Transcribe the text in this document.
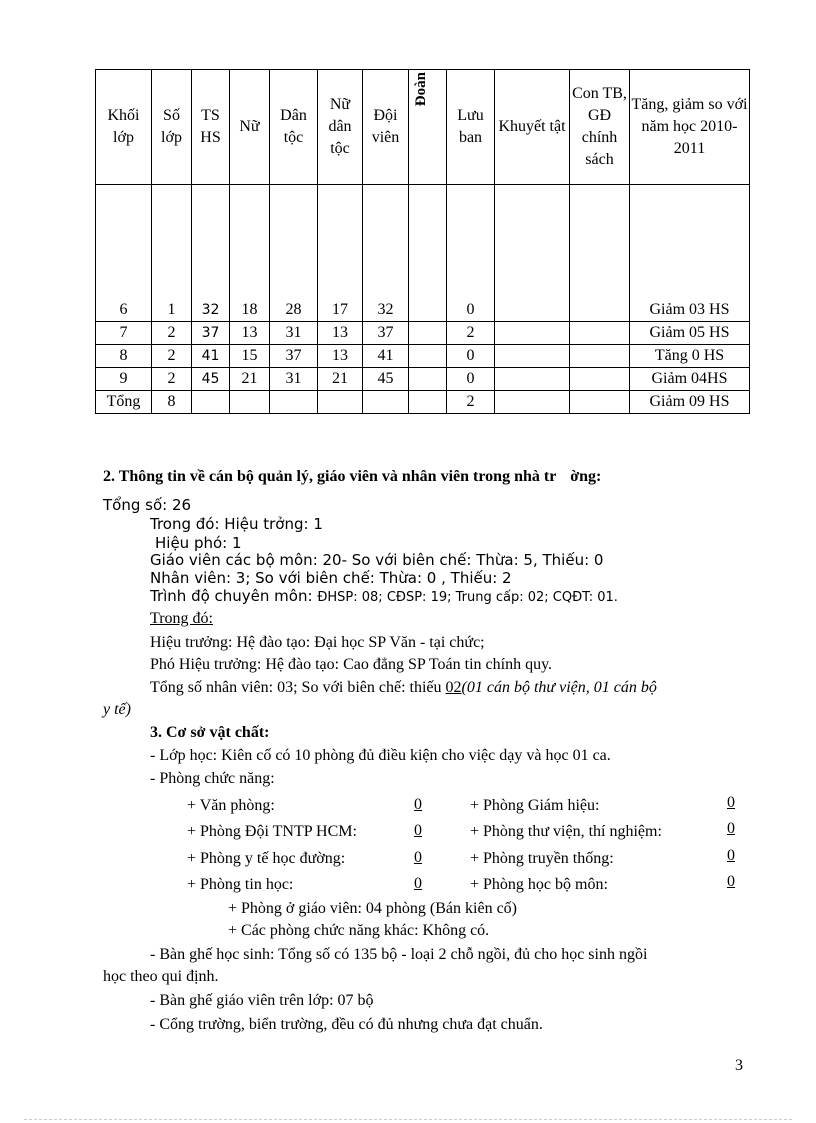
Khối lớp	Số lớp	TS HS	Nữ	Dân tộc	Nữ dân tộc	Đội viên	Đoàn	Lưu ban	Khuyết tật	Con TB, GĐ chính sách	Tăng, giảm so với năm học 2010-2011
6	1	32	18	28	17	32		0			Giảm 03 HS
7	2	37	13	31	13	37		2			Giảm 05 HS
8	2	41	15	37	13	41		0			Tăng 0 HS
9	2	45	21	31	21	45		0			Giảm 04HS
Tổng	8							2			Giảm 09 HS
2. Thông tin về cán bộ quản lý, giáo viên và nhân viên trong nhà tr ờng:
Tổng số: 26
Trong đó: Hiệu trởng: 1
Hiệu phó: 1
Giáo viên các bộ môn: 20- So với biên chế: Thừa: 5, Thiếu: 0
Nhân viên: 3; So với biên chế: Thừa: 0 , Thiếu: 2
Trình độ chuyên môn: ĐHSP: 08; CĐSP: 19; Trung cấp: 02; CQĐT: 01.
Trong đó:
Hiệu trưởng: Hệ đào tạo: Đại học SP Văn - tại chức;
Phó Hiệu trưởng: Hệ đào tạo: Cao đẳng SP Toán tin chính quy.
Tổng số nhân viên: 03; So với biên chế: thiếu 02(01 cán bộ thư viện, 01 cán bộ
y tế)
3. Cơ sở vật chất:
- Lớp học: Kiên cố có 10 phòng đủ điều kiện cho việc dạy và học 01 ca.
- Phòng chức năng:
+ Văn phòng:	0	+ Phòng Giám hiệu:	0
+ Phòng Đội TNTP HCM:	0	+ Phòng thư viện, thí nghiệm:	0
+ Phòng y tế học đường:	0	+ Phòng truyền thống:	0
+ Phòng tin học:	0	+ Phòng học bộ môn:	0
+ Phòng ở giáo viên: 04 phòng (Bán kiên cố)
+ Các phòng chức năng khác: Không có.
- Bàn ghế học sinh: Tổng số có 135 bộ - loại 2 chỗ ngồi, đủ cho học sinh ngồi
học theo qui định.
- Bàn ghế giáo viên trên lớp: 07 bộ
- Cổng trường, biển trường, đều có đủ nhưng chưa đạt chuẩn.
3
